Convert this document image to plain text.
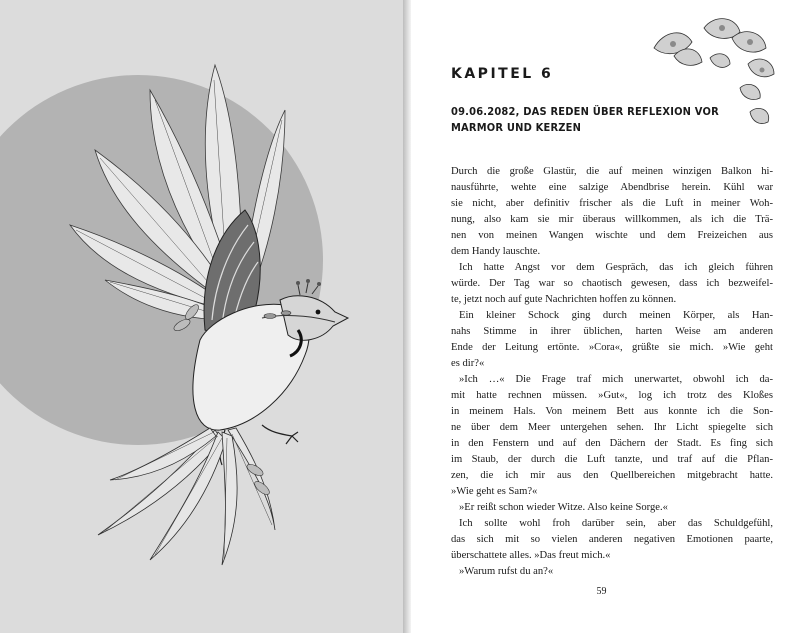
KAPITEL 6
09.06.2082, DAS REDEN ÜBER REFLEXION VOR
MARMOR UND KERZEN
Durch die große Glastür, die auf meinen winzigen Balkon hi-
nausführte, wehte eine salzige Abendbrise herein. Kühl war
sie nicht, aber definitiv frischer als die Luft in meiner Woh-
nung, also kam sie mir überaus willkommen, als ich die Trä-
nen von meinen Wangen wischte und dem Freizeichen aus
dem Handy lauschte.
Ich hatte Angst vor dem Gespräch, das ich gleich führen
würde. Der Tag war so chaotisch gewesen, dass ich bezweifel-
te, jetzt noch auf gute Nachrichten hoffen zu können.
Ein kleiner Schock ging durch meinen Körper, als Han-
nahs Stimme in ihrer üblichen, harten Weise am anderen
Ende der Leitung ertönte. »Cora«, grüßte sie mich. »Wie geht
es dir?«
»Ich …« Die Frage traf mich unerwartet, obwohl ich da-
mit hatte rechnen müssen. »Gut«, log ich trotz des Kloßes
in meinem Hals. Von meinem Bett aus konnte ich die Son-
ne über dem Meer untergehen sehen. Ihr Licht spiegelte sich
in den Fenstern und auf den Dächern der Stadt. Es fing sich
im Staub, der durch die Luft tanzte, und traf auf die Pflan-
zen, die ich mir aus den Quellbereichen mitgebracht hatte.
»Wie geht es Sam?«
»Er reißt schon wieder Witze. Also keine Sorge.«
Ich sollte wohl froh darüber sein, aber das Schuldgefühl,
das sich mit so vielen anderen negativen Emotionen paarte,
überschattete alles. »Das freut mich.«
»Warum rufst du an?«
59
